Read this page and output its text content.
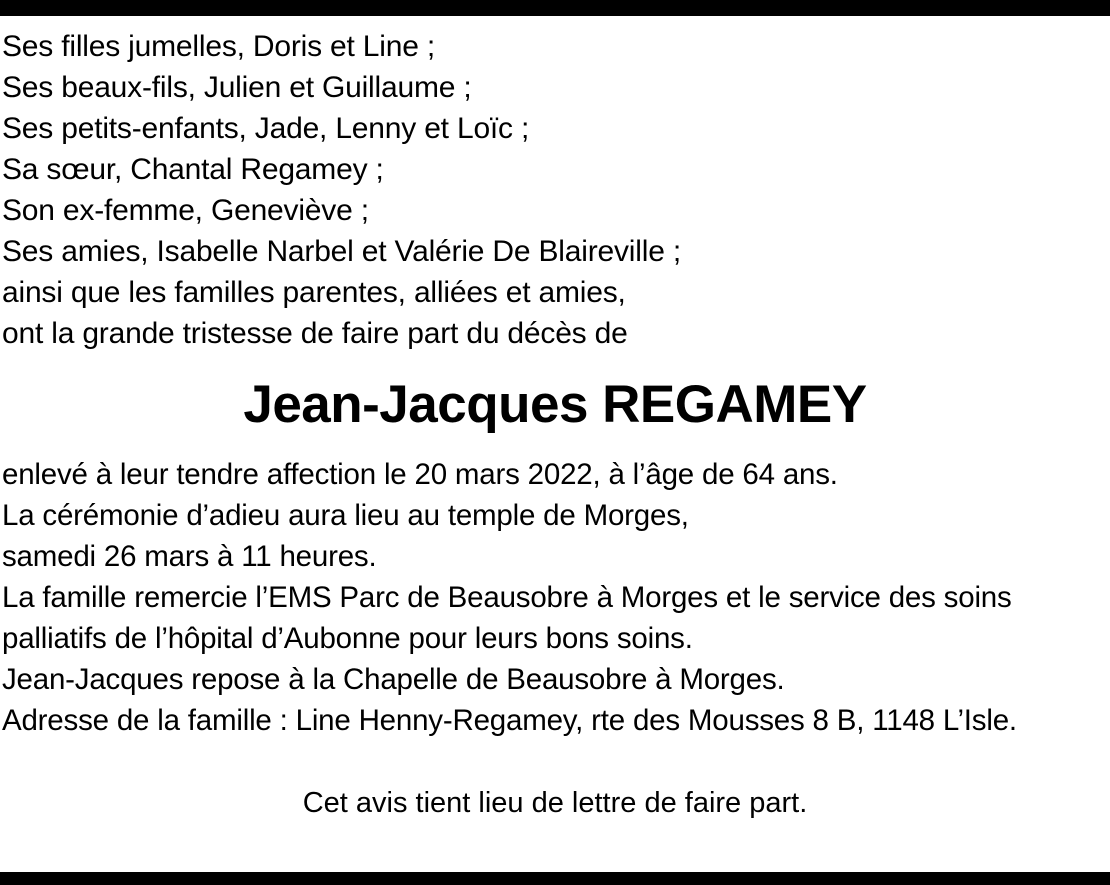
Ses filles jumelles, Doris et Line ;
Ses beaux-fils, Julien et Guillaume ;
Ses petits-enfants, Jade, Lenny et Loïc ;
Sa sœur, Chantal Regamey ;
Son ex-femme, Geneviève ;
Ses amies, Isabelle Narbel et Valérie De Blaireville ;
ainsi que les familles parentes, alliées et amies,
ont la grande tristesse de faire part du décès de
Jean-Jacques REGAMEY
enlevé à leur tendre affection le 20 mars 2022, à l’âge de 64 ans.
La cérémonie d’adieu aura lieu au temple de Morges,
samedi 26 mars à 11 heures.
La famille remercie l’EMS Parc de Beausobre à Morges et le service des soins
palliatifs de l’hôpital d’Aubonne pour leurs bons soins.
Jean-Jacques repose à la Chapelle de Beausobre à Morges.
Adresse de la famille : Line Henny-Regamey, rte des Mousses 8 B, 1148 L’Isle.
Cet avis tient lieu de lettre de faire part.
